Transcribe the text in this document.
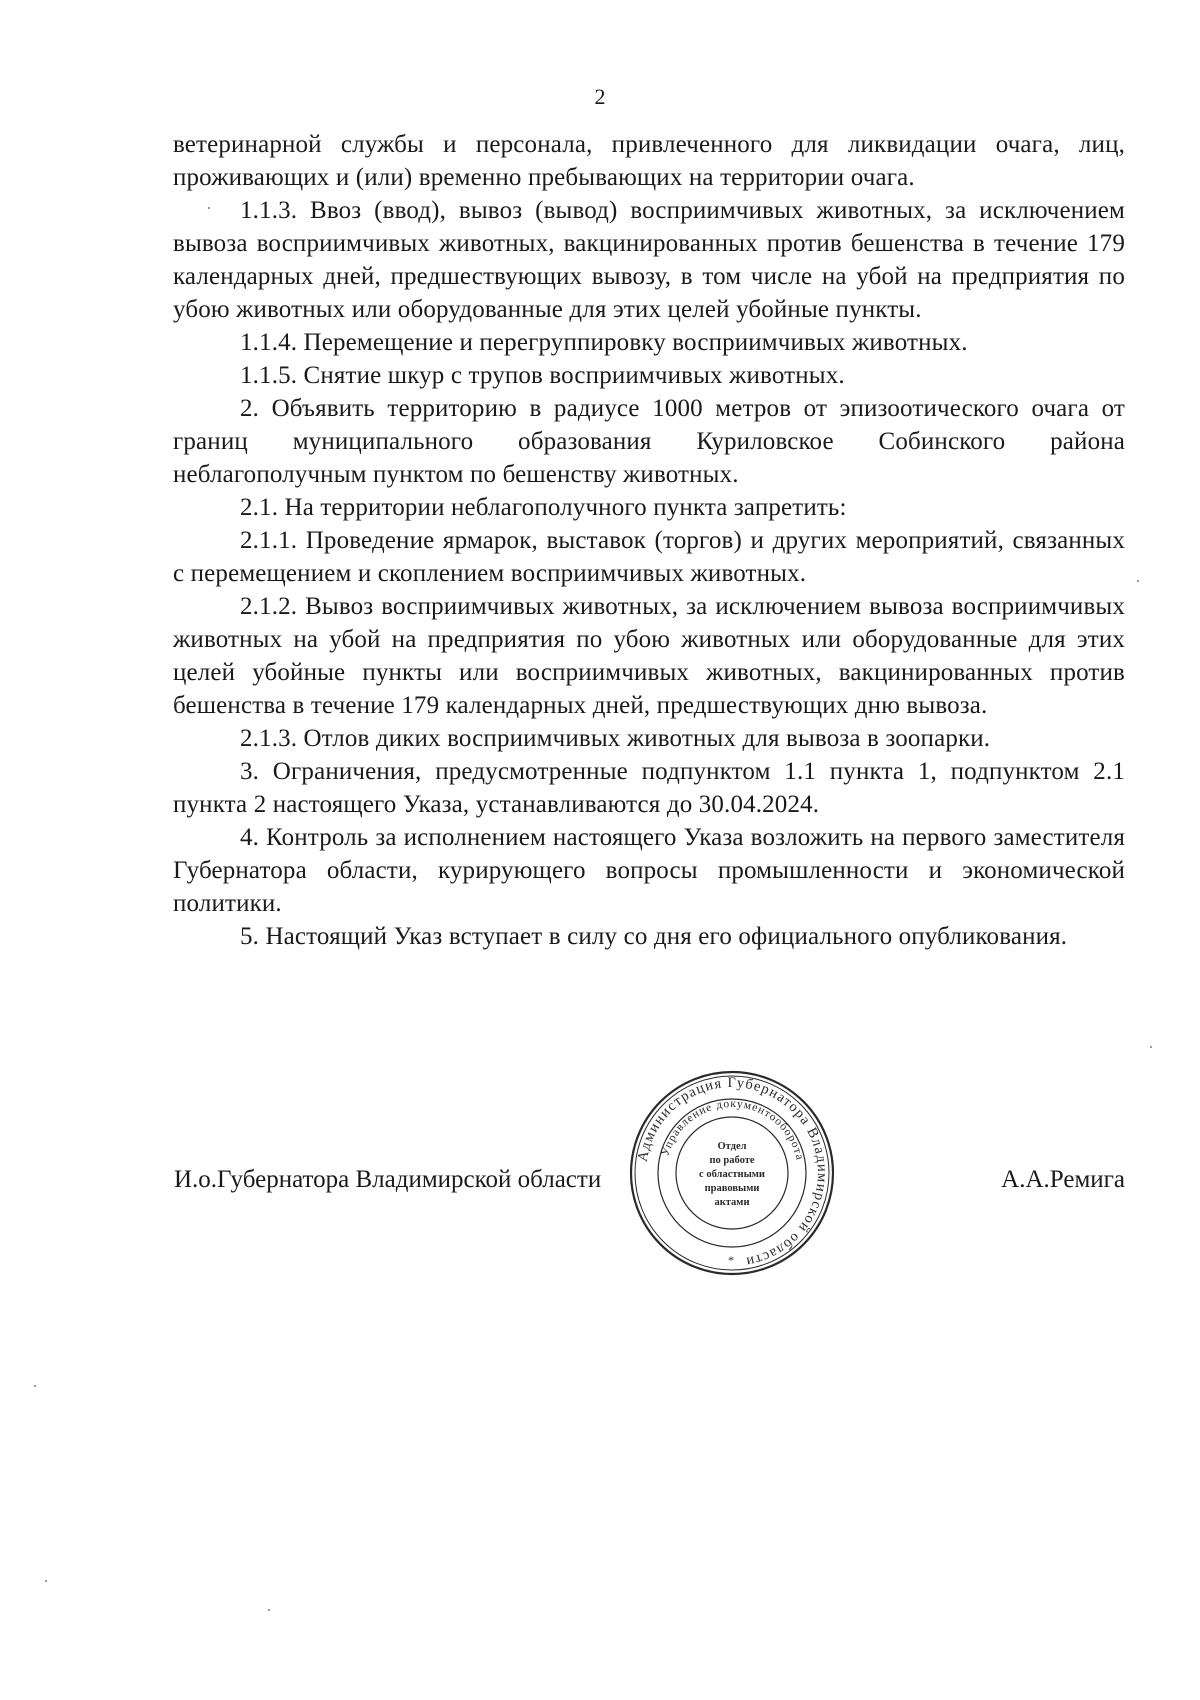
2

ветеринарной службы и персонала, привлеченного для ликвидации очага, лиц, проживающих и (или) временно пребывающих на территории очага.

1.1.3. Ввоз (ввод), вывоз (вывод) восприимчивых животных, за исключением вывоза восприимчивых животных, вакцинированных против бешенства в течение 179 календарных дней, предшествующих вывозу, в том числе на убой на предприятия по убою животных или оборудованные для этих целей убойные пункты.

1.1.4. Перемещение и перегруппировку восприимчивых животных.

1.1.5. Снятие шкур с трупов восприимчивых животных.

2. Объявить территорию в радиусе 1000 метров от эпизоотического очага от границ муниципального образования Куриловское Собинского района неблагополучным пунктом по бешенству животных.

2.1. На территории неблагополучного пункта запретить:

2.1.1. Проведение ярмарок, выставок (торгов) и других мероприятий, связанных с перемещением и скоплением восприимчивых животных.

2.1.2. Вывоз восприимчивых животных, за исключением вывоза восприимчивых животных на убой на предприятия по убою животных или оборудованные для этих целей убойные пункты или восприимчивых животных, вакцинированных против бешенства в течение 179 календарных дней, предшествующих дню вывоза.

2.1.3. Отлов диких восприимчивых животных для вывоза в зоопарки.

3. Ограничения, предусмотренные подпунктом 1.1 пункта 1, подпунктом 2.1 пункта 2 настоящего Указа, устанавливаются до 30.04.2024.

4. Контроль за исполнением настоящего Указа возложить на первого заместителя Губернатора области, курирующего вопросы промышленности и экономической политики.

5. Настоящий Указ вступает в силу со дня его официального опубликования.

Администрация Губернатора Владимирской области
Управление документооборота
Отдел
по работе
с областными
правовыми
актами
*
И.о.Губернатора Владимирской области	А.А.Ремига
